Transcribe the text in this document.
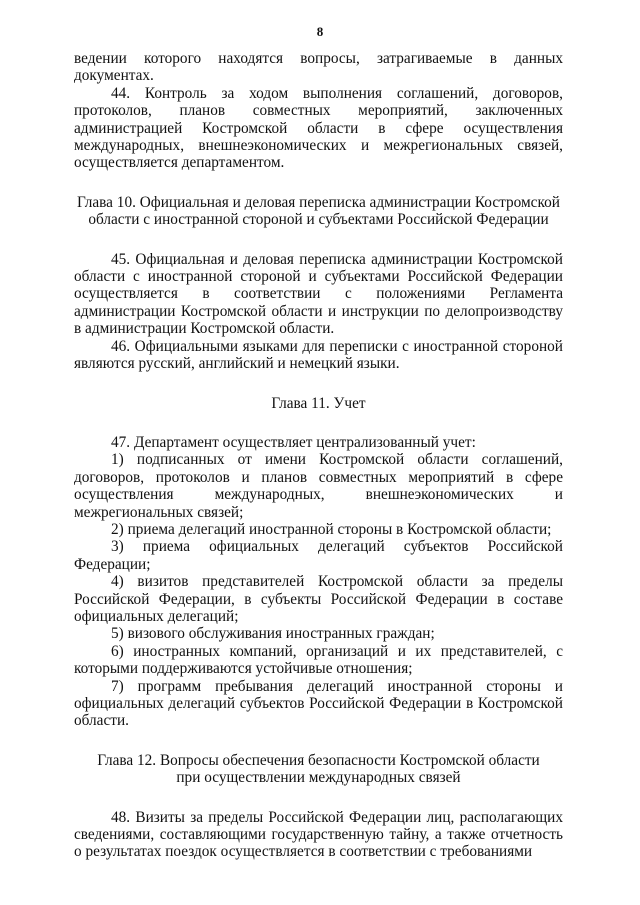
8

ведении которого находятся вопросы, затрагиваемые в данных документах.

44. Контроль за ходом выполнения соглашений, договоров, протоколов, планов совместных мероприятий, заключенных администрацией Костромской области в сфере осуществления международных, внешнеэкономических и межрегиональных связей, осуществляется департаментом.

Глава 10. Официальная и деловая переписка администрации Костромской
области с иностранной стороной и субъектами Российской Федерации

45. Официальная и деловая переписка администрации Костромской области с иностранной стороной и субъектами Российской Федерации осуществляется в соответствии с положениями Регламента администрации Костромской области и инструкции по делопроизводству в администрации Костромской области.

46. Официальными языками для переписки с иностранной стороной являются русский, английский и немецкий языки.

Глава 11. Учет

47. Департамент осуществляет централизованный учет:

1) подписанных от имени Костромской области соглашений, договоров, протоколов и планов совместных мероприятий в сфере осуществления международных, внешнеэкономических и межрегиональных связей;

2) приема делегаций иностранной стороны в Костромской области;

3) приема официальных делегаций субъектов Российской Федерации;

4) визитов представителей Костромской области за пределы Российской Федерации, в субъекты Российской Федерации в составе официальных делегаций;

5) визового обслуживания иностранных граждан;

6) иностранных компаний, организаций и их представителей, с которыми поддерживаются устойчивые отношения;

7) программ пребывания делегаций иностранной стороны и официальных делегаций субъектов Российской Федерации в Костромской области.

Глава 12. Вопросы обеспечения безопасности Костромской области
при осуществлении международных связей

48. Визиты за пределы Российской Федерации лиц, располагающих сведениями, составляющими государственную тайну, а также отчетность о результатах поездок осуществляется в соответствии с требованиями
